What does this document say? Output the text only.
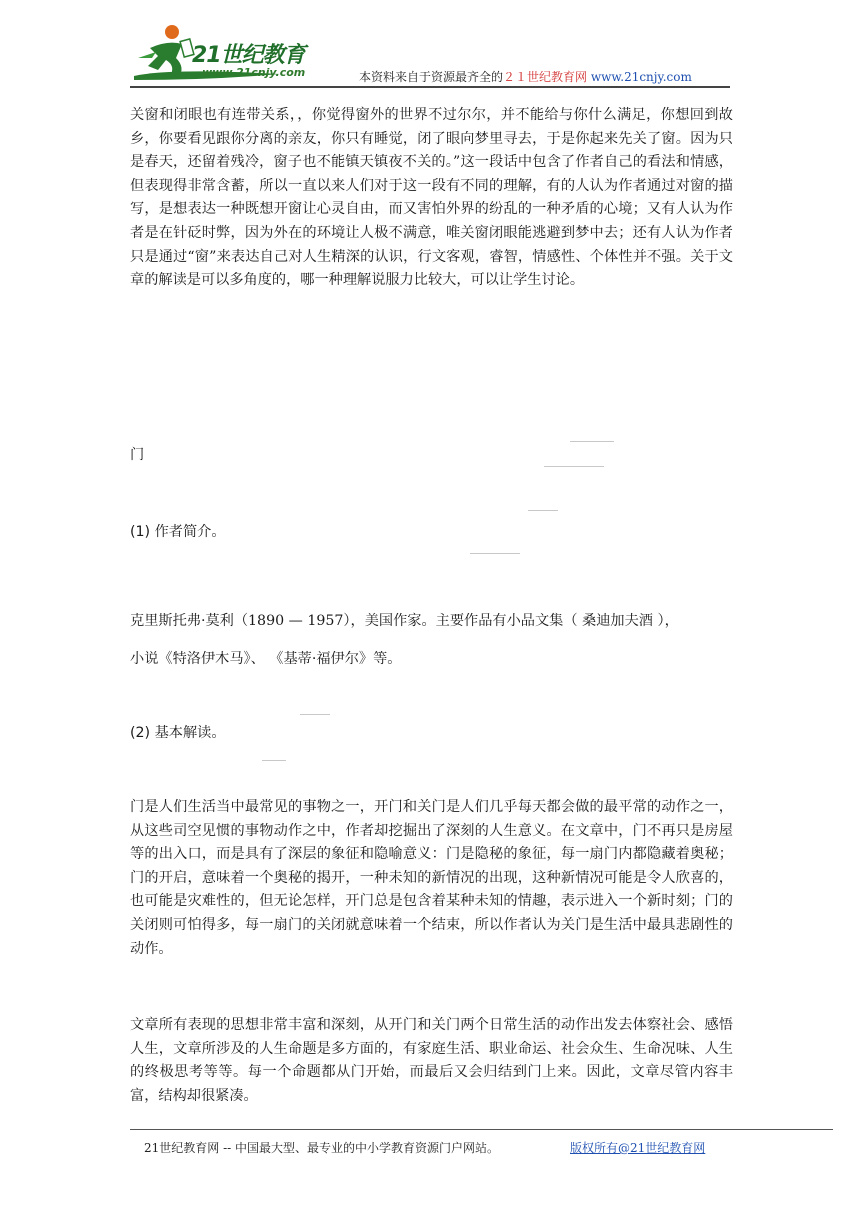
21世纪教育
www.21cnjy.com	本资料来自于资源最齐全的２１世纪教育网 www.21cnjy.com

关窗和闭眼也有连带关系，，你觉得窗外的世界不过尔尔，并不能给与你什么满足，你想回到故乡，你要看见跟你分离的亲友，你只有睡觉，闭了眼向梦里寻去，于是你起来先关了窗。因为只是春天，还留着残冷，窗子也不能镇天镇夜不关的。”这一段话中包含了作者自己的看法和情感，但表现得非常含蓄，所以一直以来人们对于这一段有不同的理解，有的人认为作者通过对窗的描写，是想表达一种既想开窗让心灵自由，而又害怕外界的纷乱的一种矛盾的心境；又有人认为作者是在针砭时弊，因为外在的环境让人极不满意，唯关窗闭眼能逃避到梦中去；还有人认为作者只是通过“窗”来表达自己对人生精深的认识，行文客观，睿智，情感性、个体性并不强。关于文章的解读是可以多角度的，哪一种理解说服力比较大，可以让学生讨论。

门

(1) 作者简介。

克里斯托弗·莫利（1890 — 1957），美国作家。主要作品有小品文集（ 桑迪加夫酒 ），

小说《特洛伊木马》、 《基蒂·福伊尔》等。

(2) 基本解读。

门是人们生活当中最常见的事物之一，开门和关门是人们几乎每天都会做的最平常的动作之一，从这些司空见惯的事物动作之中，作者却挖掘出了深刻的人生意义。在文章中，门不再只是房屋等的出入口，而是具有了深层的象征和隐喻意义：门是隐秘的象征，每一扇门内都隐藏着奥秘；门的开启，意味着一个奥秘的揭开，一种未知的新情况的出现，这种新情况可能是令人欣喜的，也可能是灾难性的，但无论怎样，开门总是包含着某种未知的情趣，表示进入一个新时刻；门的关闭则可怕得多，每一扇门的关闭就意味着一个结束，所以作者认为关门是生活中最具悲剧性的动作。

文章所有表现的思想非常丰富和深刻，从开门和关门两个日常生活的动作出发去体察社会、感悟人生，文章所涉及的人生命题是多方面的，有家庭生活、职业命运、社会众生、生命况味、人生的终极思考等等。每一个命题都从门开始，而最后又会归结到门上来。因此，文章尽管内容丰富，结构却很紧凑。

21世纪教育网 -- 中国最大型、最专业的中小学教育资源门户网站。	版权所有@21世纪教育网
